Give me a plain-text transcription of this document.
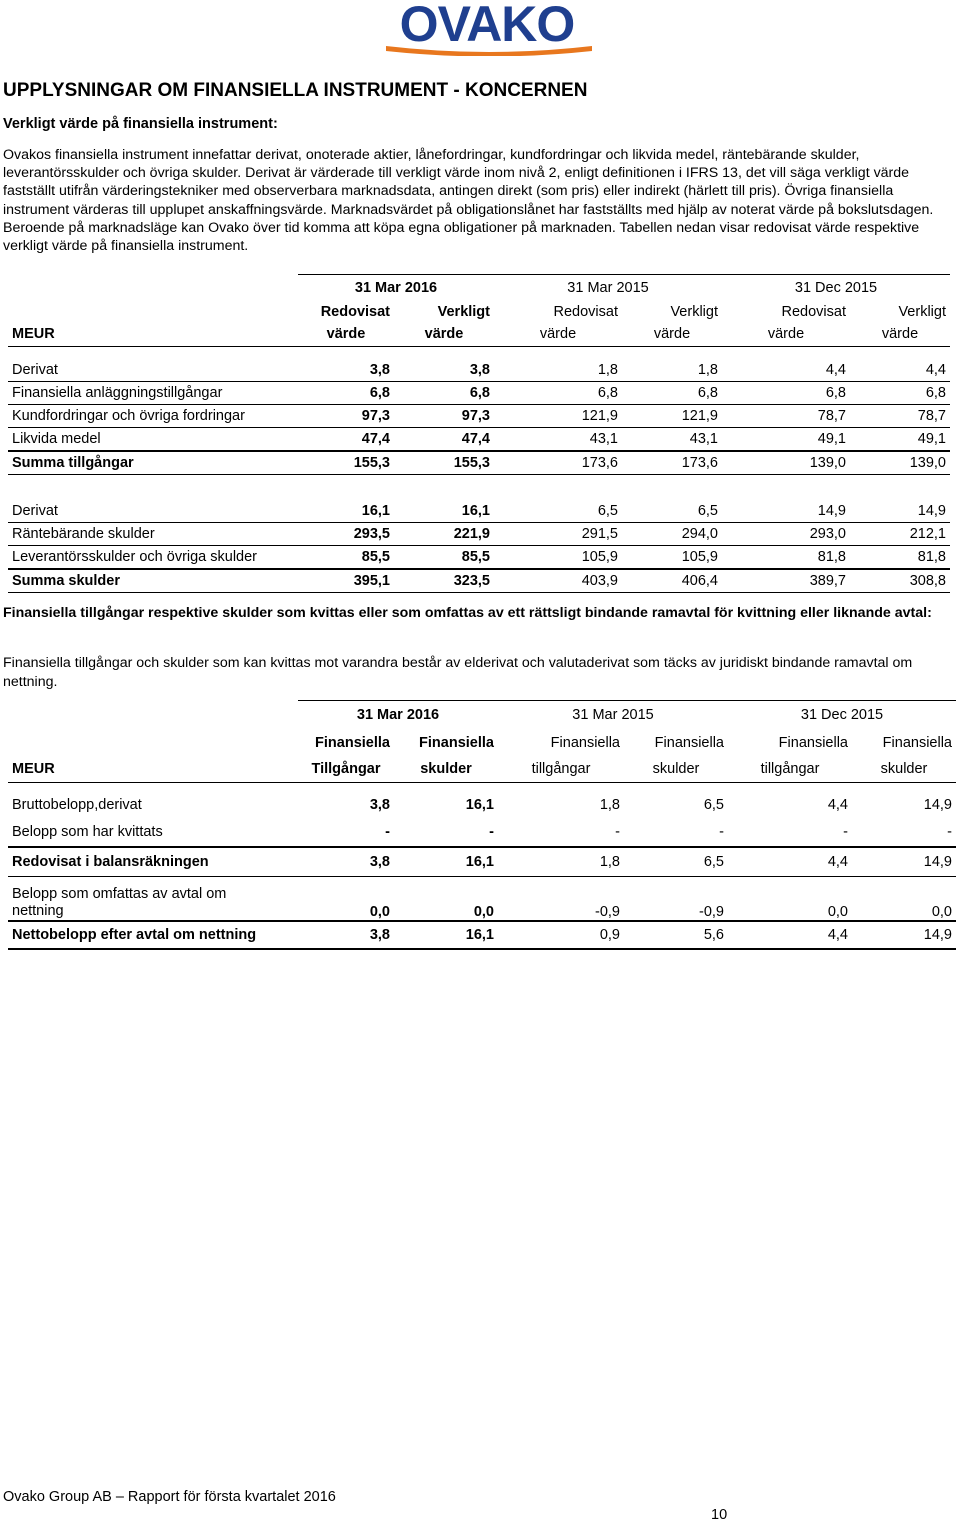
OVAKO
UPPLYSNINGAR OM FINANSIELLA INSTRUMENT - KONCERNEN
Verkligt värde på finansiella instrument:
Ovakos finansiella instrument innefattar derivat, onoterade aktier, lånefordringar, kundfordringar och likvida medel, räntebärande skulder, leverantörsskulder och övriga skulder. Derivat är värderade till verkligt värde inom nivå 2, enligt definitionen i IFRS 13, det vill säga verkligt värde fastställt utifrån värderingstekniker med observerbara marknadsdata, antingen direkt (som pris) eller indirekt (härlett till pris). Övriga finansiella instrument värderas till upplupet anskaffningsvärde. Marknadsvärdet på obligationslånet har fastställts med hjälp av noterat värde på bokslutsdagen. Beroende på marknadsläge kan Ovako över tid komma att köpa egna obligationer på marknaden. Tabellen nedan visar redovisat värde respektive verkligt värde på finansiella instrument.
	31 Mar 2016		31 Mar 2015		31 Dec 2015	
	Redovisat	Verkligt	Redovisat	Verkligt	Redovisat	Verkligt
MEUR	värde	värde	värde	värde	värde	värde

Derivat	3,8	3,8	1,8	1,8	4,4	4,4
Finansiella anläggningstillgångar	6,8	6,8	6,8	6,8	6,8	6,8
Kundfordringar och övriga fordringar	97,3	97,3	121,9	121,9	78,7	78,7
Likvida medel	47,4	47,4	43,1	43,1	49,1	49,1
Summa tillgångar	155,3	155,3	173,6	173,6	139,0	139,0

Derivat	16,1	16,1	6,5	6,5	14,9	14,9
Räntebärande skulder	293,5	221,9	291,5	294,0	293,0	212,1
Leverantörsskulder och övriga skulder	85,5	85,5	105,9	105,9	81,8	81,8
Summa skulder	395,1	323,5	403,9	406,4	389,7	308,8
Finansiella tillgångar respektive skulder som kvittas eller som omfattas av ett rättsligt bindande ramavtal för kvittning eller liknande avtal:
Finansiella tillgångar och skulder som kan kvittas mot varandra består av elderivat och valutaderivat som täcks av juridiskt bindande ramavtal om nettning.
	31 Mar 2016		31 Mar 2015		31 Dec 2015	
	Finansiella	Finansiella	Finansiella	Finansiella	Finansiella	Finansiella
MEUR	Tillgångar	skulder	tillgångar	skulder	tillgångar	skulder

Bruttobelopp,derivat	3,8	16,1	1,8	6,5	4,4	14,9
Belopp som har kvittats	-	-	-	-	-	-
Redovisat i balansräkningen	3,8	16,1	1,8	6,5	4,4	14,9

Belopp som omfattas av avtal om
nettning	0,0	0,0	-0,9	-0,9	0,0	0,0
Nettobelopp efter avtal om nettning	3,8	16,1	0,9	5,6	4,4	14,9
Ovako Group AB – Rapport för första kvartalet 2016
10
